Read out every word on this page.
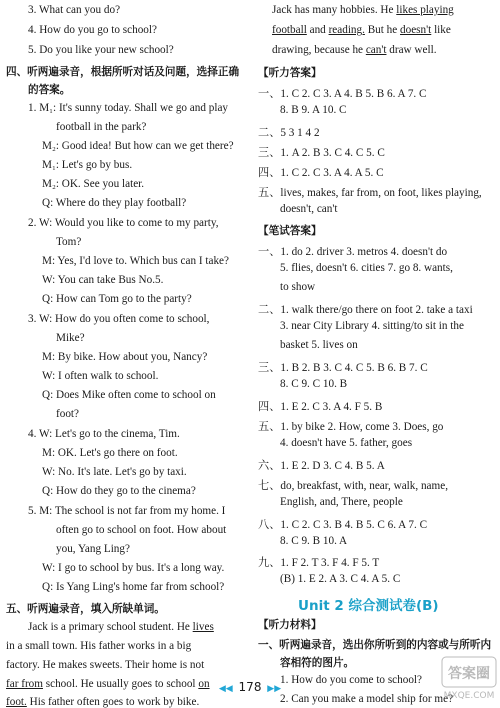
3. What can you do?
4. How do you go to school?
5. Do you like your new school?
四、听两遍录音，根据所听对话及问题，选择正确
的答案。
1. M₁: It's sunny today. Shall we go and play
football in the park?
M₂: Good idea! But how can we get there?
M₁: Let's go by bus.
M₂: OK. See you later.
Q: Where do they play football?
2. W: Would you like to come to my party,
Tom?
M: Yes, I'd love to. Which bus can I take?
W: You can take Bus No.5.
Q: How can Tom go to the party?
3. W: How do you often come to school,
Mike?
M: By bike. How about you, Nancy?
W: I often walk to school.
Q: Does Mike often come to school on
foot?
4. W: Let's go to the cinema, Tim.
M: OK. Let's go there on foot.
W: No. It's late. Let's go by taxi.
Q: How do they go to the cinema?
5. M: The school is not far from my home. I
often go to school on foot. How about
you, Yang Ling?
W: I go to school by bus. It's a long way.
Q: Is Yang Ling's home far from school?
五、听两遍录音，填入所缺单词。
Jack is a primary school student. He lives
in a small town. His father works in a big
factory. He makes sweets. Their home is not
far from school. He usually goes to school on
foot. His father often goes to work by bike.
Jack has many hobbies. He likes playing
football and reading. But he doesn't like
drawing, because he can't draw well.
【听力答案】
一、1. C 2. C 3. A 4. B 5. B 6. A 7. C
8. B 9. A 10. C
二、5 3 1 4 2
三、1. A 2. B 3. C 4. C 5. C
四、1. C 2. C 3. A 4. A 5. C
五、lives, makes, far from, on foot, likes playing,
doesn't, can't
【笔试答案】
一、1. do 2. driver 3. metros 4. doesn't do
5. flies, doesn't 6. cities 7. go 8. wants,
to show
二、1. walk there/go there on foot 2. take a taxi
3. near City Library 4. sitting/to sit in the
basket 5. lives on
三、1. B 2. B 3. C 4. C 5. B 6. B 7. C
8. C 9. C 10. B
四、1. E 2. C 3. A 4. F 5. B
五、1. by bike 2. How, come 3. Does, go
4. doesn't have 5. father, goes
六、1. E 2. D 3. C 4. B 5. A
七、do, breakfast, with, near, walk, name,
English, and, There, people
八、1. C 2. C 3. B 4. B 5. C 6. A 7. C
8. C 9. B 10. A
九、1. F 2. T 3. F 4. F 5. T
(B) 1. E 2. A 3. C 4. A 5. C
Unit 2 综合测试卷(B)
【听力材料】
一、听两遍录音，选出你所听到的内容或与所听内
容相符的图片。
1. How do you come to school?
2. Can you make a model ship for me?
◀◀ 178 ▶▶
答案圈
MXQE.COM
